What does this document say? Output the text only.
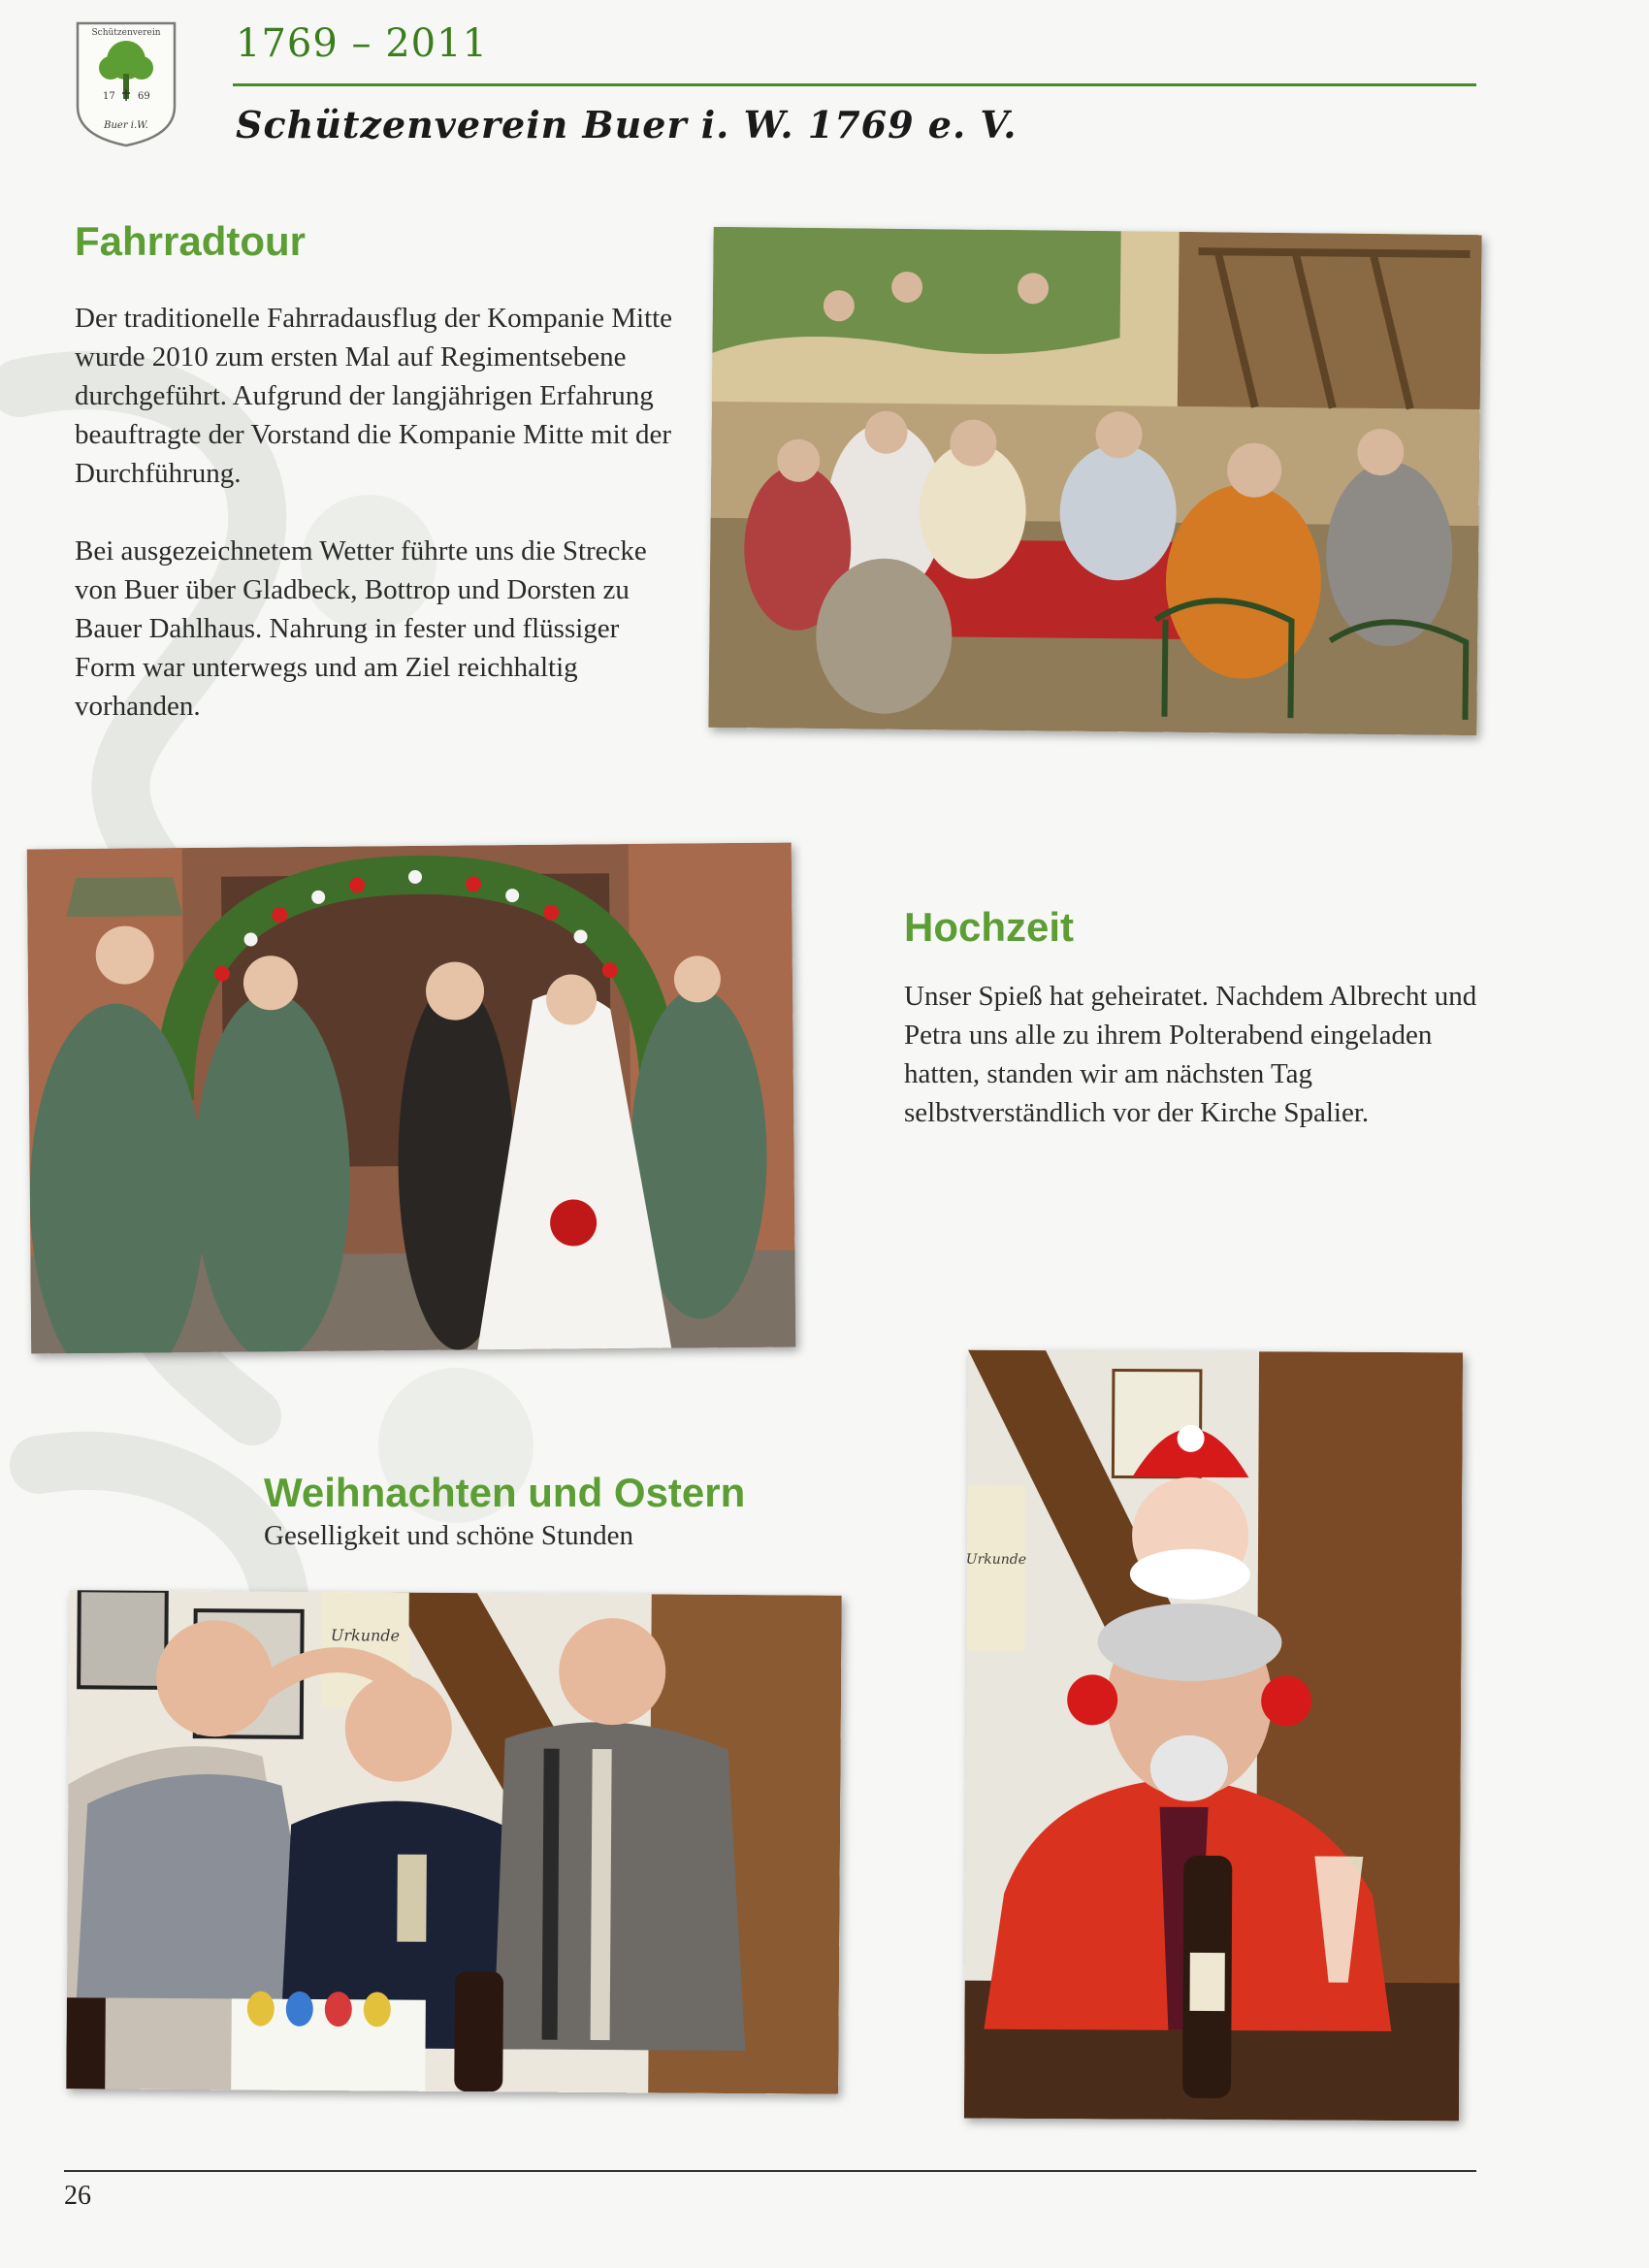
Schützenverein
17 69
Buer i.W.
1769 – 2011
Schützenverein Buer i. W. 1769 e. V.
Fahrradtour

Der traditionelle Fahrradausflug der Kompanie Mitte wurde 2010 zum ersten Mal auf Regimentsebene durchgeführt. Aufgrund der langjährigen Erfahrung beauftragte der Vorstand die Kompanie Mitte mit der Durchführung.

Bei ausgezeichnetem Wetter führte uns die Strecke von Buer über Gladbeck, Bottrop und Dorsten zu Bauer Dahlhaus. Nahrung in fester und flüssiger Form war unterwegs und am Ziel reichhaltig vorhanden.

Hochzeit

Unser Spieß hat geheiratet. Nachdem Albrecht und Petra uns alle zu ihrem Polterabend eingeladen hatten, standen wir am nächsten Tag selbstverständlich vor der Kirche Spalier.

Urkunde
Weihnachten und Ostern
Geselligkeit und schöne Stunden
Urkunde
26
